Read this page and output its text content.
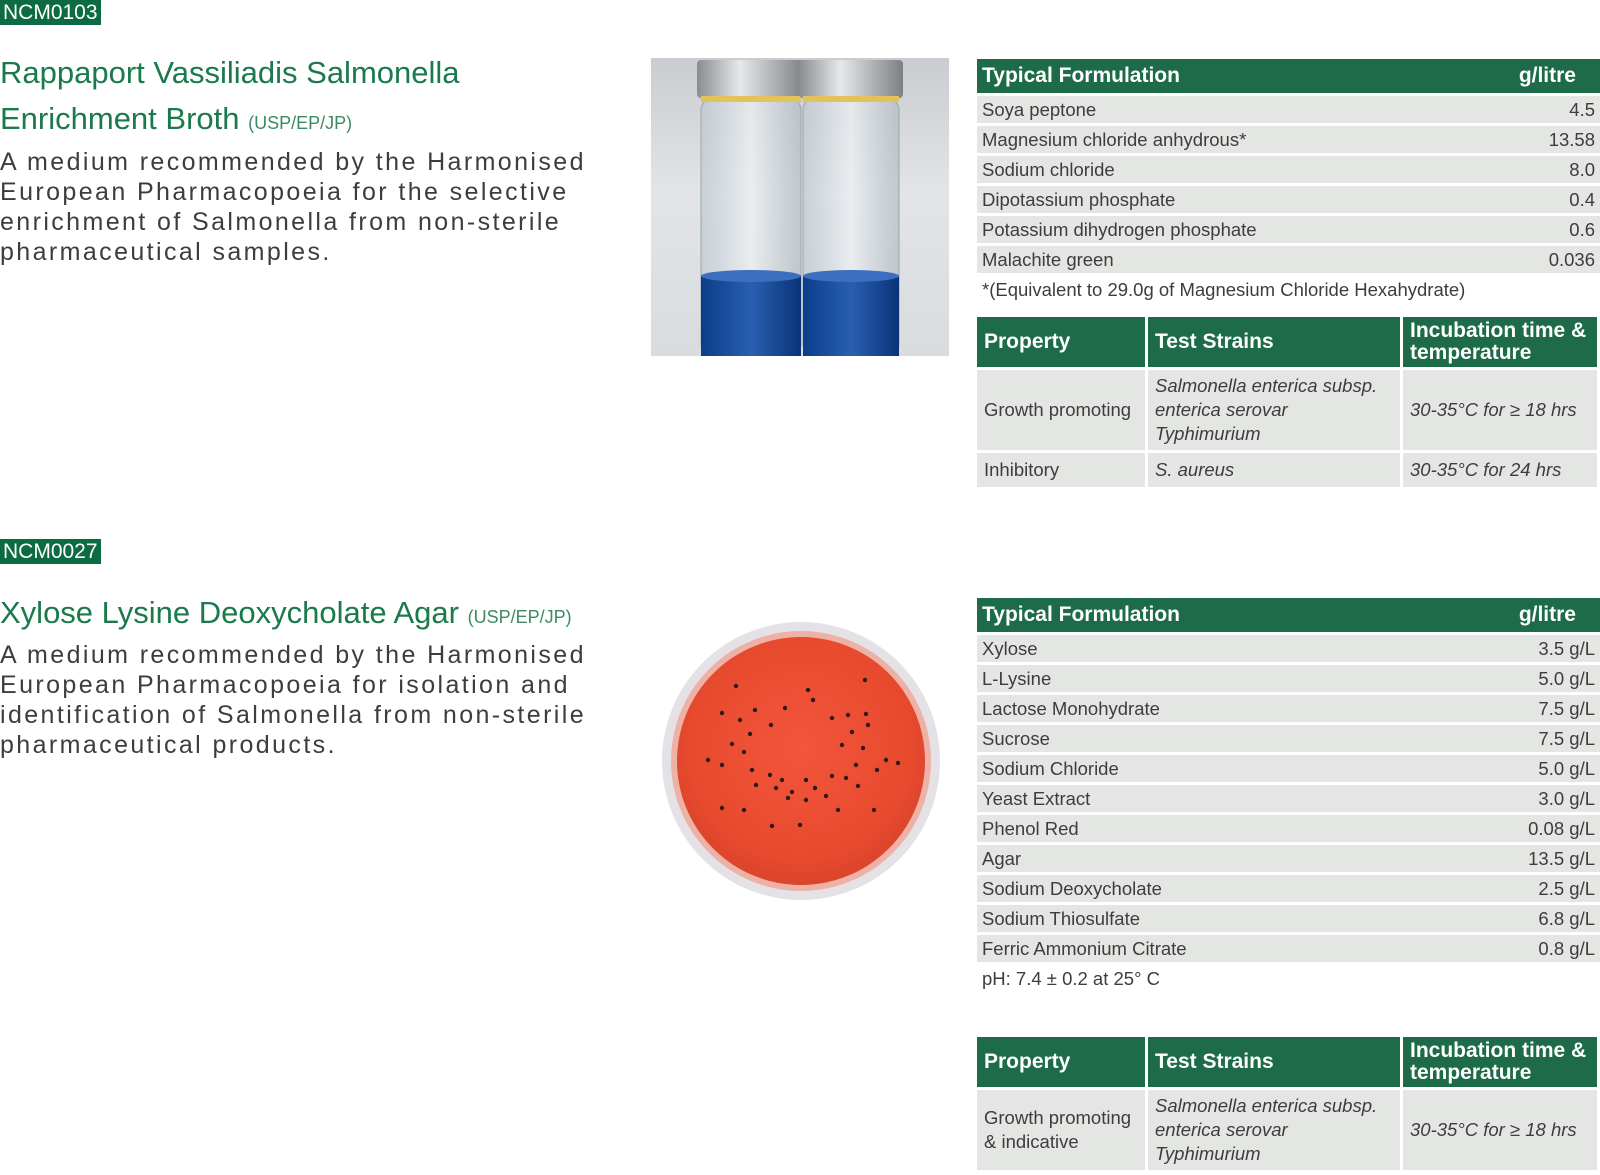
NCM0103
Rappaport Vassiliadis Salmonella
Enrichment Broth (USP/EP/JP)
A medium recommended by the Harmonised European Pharmacopoeia for the selective enrichment of Salmonella from non-sterile pharmaceutical samples.
Typical Formulation	g/litre
Soya peptone	4.5
Magnesium chloride anhydrous*	13.58
Sodium chloride	8.0
Dipotassium phosphate	0.4
Potassium dihydrogen phosphate	0.6
Malachite green	0.036
*(Equivalent to 29.0g of Magnesium Chloride Hexahydrate)
Property	Test Strains	Incubation time & temperature
Growth promoting	Salmonella enterica subsp. enterica serovar Typhimurium	30-35°C for ≥ 18 hrs
Inhibitory	S. aureus	30-35°C for 24 hrs
NCM0027
Xylose Lysine Deoxycholate Agar (USP/EP/JP)
A medium recommended by the Harmonised European Pharmacopoeia for isolation and identification of Salmonella from non-sterile pharmaceutical products.
Typical Formulation	g/litre
Xylose	3.5 g/L
L-Lysine	5.0 g/L
Lactose Monohydrate	7.5 g/L
Sucrose	7.5 g/L
Sodium Chloride	5.0 g/L
Yeast Extract	3.0 g/L
Phenol Red	0.08 g/L
Agar	13.5 g/L
Sodium Deoxycholate	2.5 g/L
Sodium Thiosulfate	6.8 g/L
Ferric Ammonium Citrate	0.8 g/L
pH: 7.4 ± 0.2 at 25° C
Property	Test Strains	Incubation time & temperature
Growth promoting & indicative	Salmonella enterica subsp. enterica serovar Typhimurium	30-35°C for ≥ 18 hrs
